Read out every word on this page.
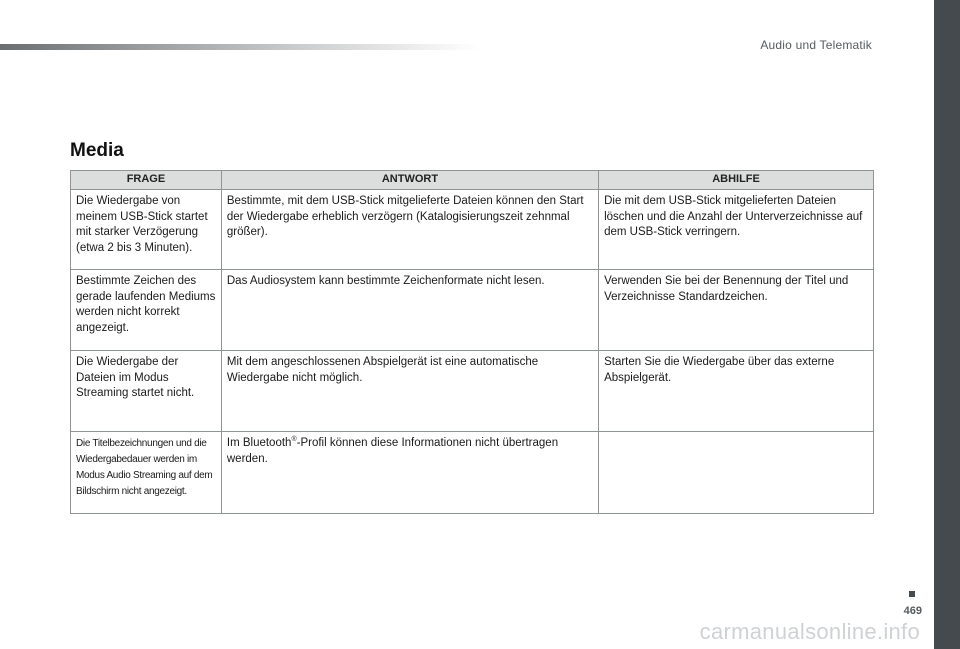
Audio und Telematik
Media
FRAGE	ANTWORT	ABHILFE
Die Wiedergabe von meinem USB-Stick startet mit starker Verzögerung (etwa 2 bis 3 Minuten).	Bestimmte, mit dem USB-Stick mitgelieferte Dateien können den Start der Wiedergabe erheblich verzögern (Katalogisierungszeit zehnmal größer).	Die mit dem USB-Stick mitgelieferten Dateien löschen und die Anzahl der Unterverzeichnisse auf dem USB-Stick verringern.
Bestimmte Zeichen des gerade laufenden Mediums werden nicht korrekt angezeigt.	Das Audiosystem kann bestimmte Zeichenformate nicht lesen.	Verwenden Sie bei der Benennung der Titel und Verzeichnisse Standardzeichen.
Die Wiedergabe der Dateien im Modus Streaming startet nicht.	Mit dem angeschlossenen Abspielgerät ist eine automatische Wiedergabe nicht möglich.	Starten Sie die Wiedergabe über das externe Abspielgerät.
Die Titelbezeichnungen und die Wiedergabedauer werden im Modus Audio Streaming auf dem Bildschirm nicht angezeigt.	Im Bluetooth®-Profil können diese Informationen nicht übertragen werden.	
469
carmanualsonline.info
